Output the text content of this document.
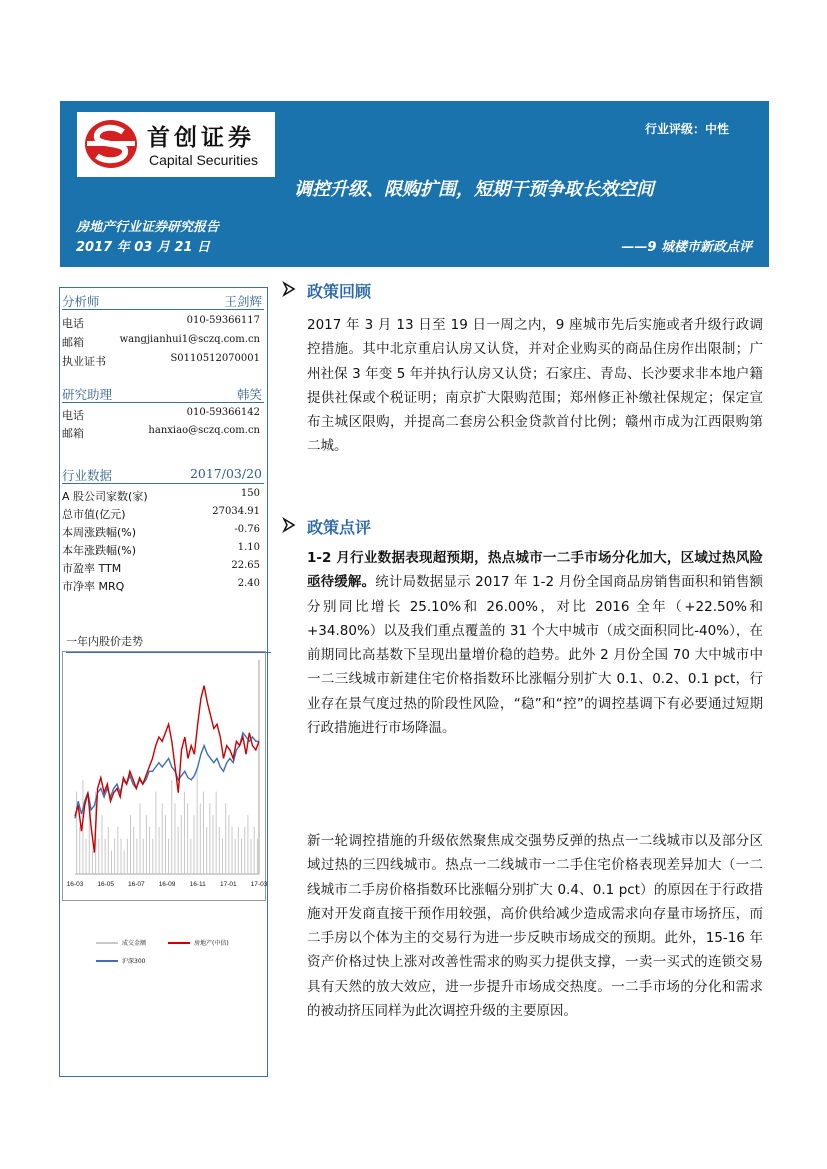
首创证券
Capital Securities
行业评级：中性
调控升级、限购扩围，短期干预争取长效空间
房地产行业证券研究报告
2017 年 03 月 21 日	——9 城楼市新政点评
分析师	王剑辉
电话	010-59366117
邮箱	wangjianhui1@sczq.com.cn
执业证书	S0110512070001
研究助理	韩笑
电话	010-59366142
邮箱	hanxiao@sczq.com.cn
行业数据	2017/03/20
A 股公司家数(家)	150
总市值(亿元)	27034.91
本周涨跌幅(%)	-0.76
本年涨跌幅(%)	1.10
市盈率 TTM	22.65
市净率 MRQ	2.40
一年内股价走势
16-03 16-05 16-07 16-09 16-11 17-01 17-03
成交金额	房地产(中信)
沪深300
政策回顾
2017 年 3 月 13 日至 19 日一周之内，9 座城市先后实施或者升级行政调控措施。其中北京重启认房又认贷，并对企业购买的商品住房作出限制；广州社保 3 年变 5 年并执行认房又认贷；石家庄、青岛、长沙要求非本地户籍提供社保或个税证明；南京扩大限购范围；郑州修正补缴社保规定；保定宣布主城区限购，并提高二套房公积金贷款首付比例；赣州市成为江西限购第二城。
政策点评
1-2 月行业数据表现超预期，热点城市一二手市场分化加大，区域过热风险亟待缓解。统计局数据显示 2017 年 1-2 月份全国商品房销售面积和销售额分别同比增长 25.10%和 26.00%，对比 2016 全年（+22.50%和+34.80%）以及我们重点覆盖的 31 个大中城市（成交面积同比-40%），在前期同比高基数下呈现出量增价稳的趋势。此外 2 月份全国 70 大中城市中一二三线城市新建住宅价格指数环比涨幅分别扩大 0.1、0.2、0.1 pct，行业存在景气度过热的阶段性风险，“稳”和“控”的调控基调下有必要通过短期行政措施进行市场降温。
新一轮调控措施的升级依然聚焦成交强势反弹的热点一二线城市以及部分区域过热的三四线城市。热点一二线城市一二手住宅价格表现差异加大（一二线城市二手房价格指数环比涨幅分别扩大 0.4、0.1 pct）的原因在于行政措施对开发商直接干预作用较强，高价供给减少造成需求向存量市场挤压，而二手房以个体为主的交易行为进一步反映市场成交的预期。此外，15-16 年资产价格过快上涨对改善性需求的购买力提供支撑，一卖一买式的连锁交易具有天然的放大效应，进一步提升市场成交热度。一二手市场的分化和需求的被动挤压同样为此次调控升级的主要原因。
